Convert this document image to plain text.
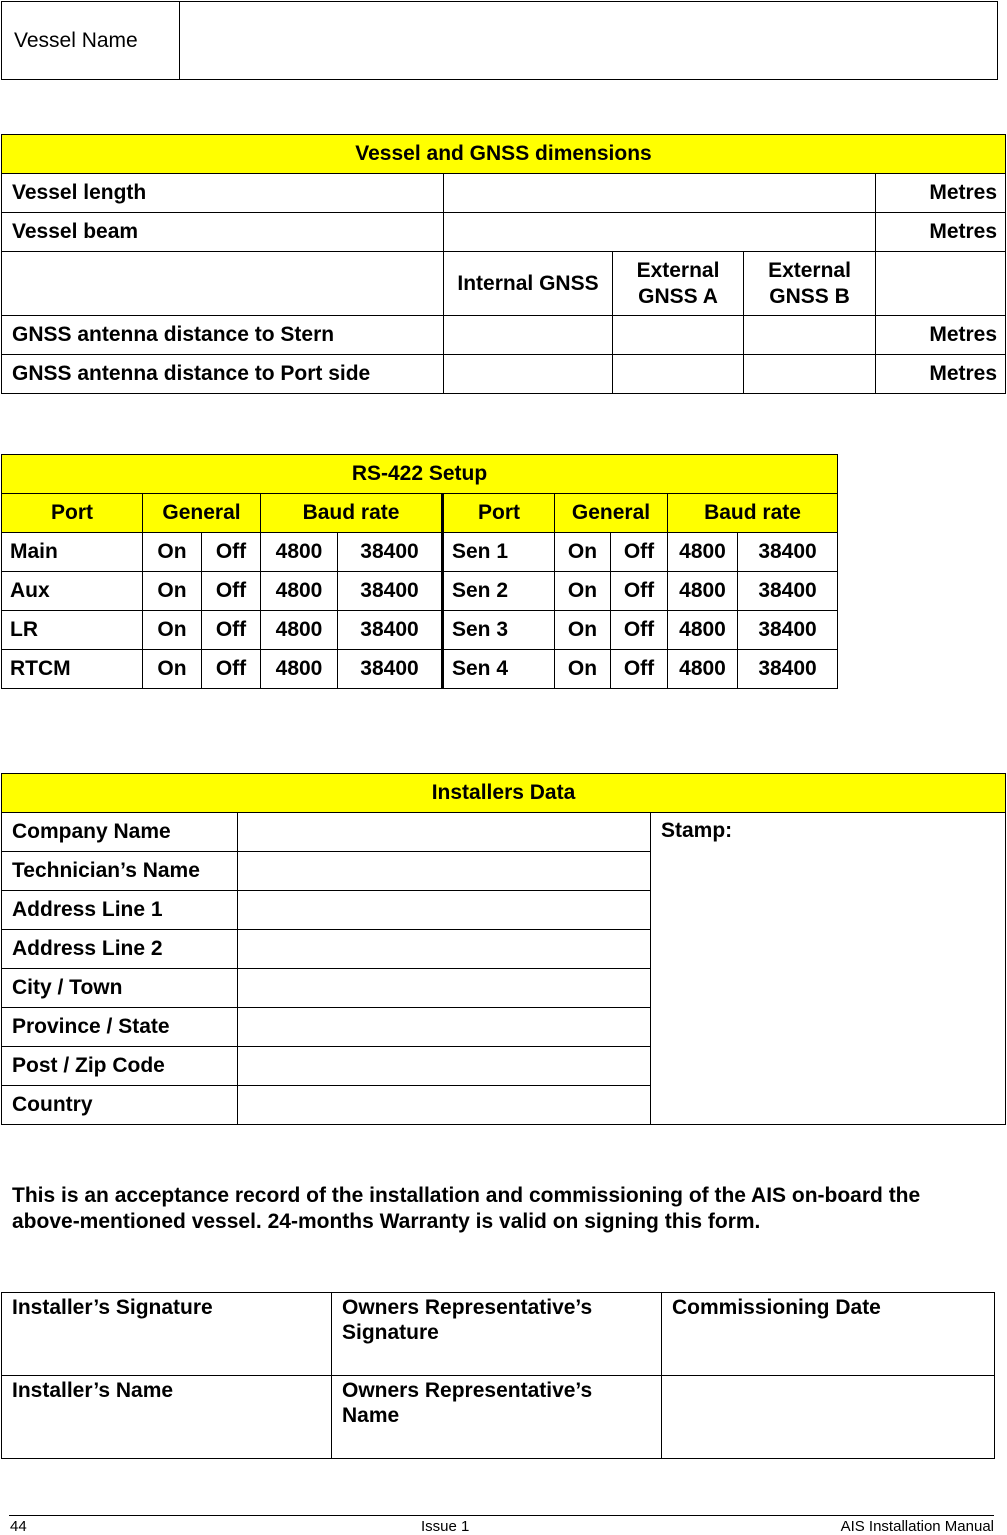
Vessel Name	
Vessel and GNSS dimensions				
Vessel length				Metres
Vessel beam				Metres
	Internal GNSS	External GNSS A	External GNSS B	
GNSS antenna distance to Stern				Metres
GNSS antenna distance to Port side				Metres
RS-422 Setup									
Port	General		Baud rate		Port	General		Baud rate	
Main	On	Off	4800	38400	Sen 1	On	Off	4800	38400
Aux	On	Off	4800	38400	Sen 2	On	Off	4800	38400
LR	On	Off	4800	38400	Sen 3	On	Off	4800	38400
RTCM	On	Off	4800	38400	Sen 4	On	Off	4800	38400
Installers Data		
Company Name		Stamp:
Technician’s Name		
Address Line 1		
Address Line 2		
City / Town		
Province / State		
Post / Zip Code		
Country		

This is an acceptance record of the installation and commissioning of the AIS on-board the above-mentioned vessel. 24-months Warranty is valid on signing this form.

Installer’s Signature	Owners Representative’s Signature	Commissioning Date
Installer’s Name	Owners Representative’s Name	
44	Issue 1	AIS Installation Manual
